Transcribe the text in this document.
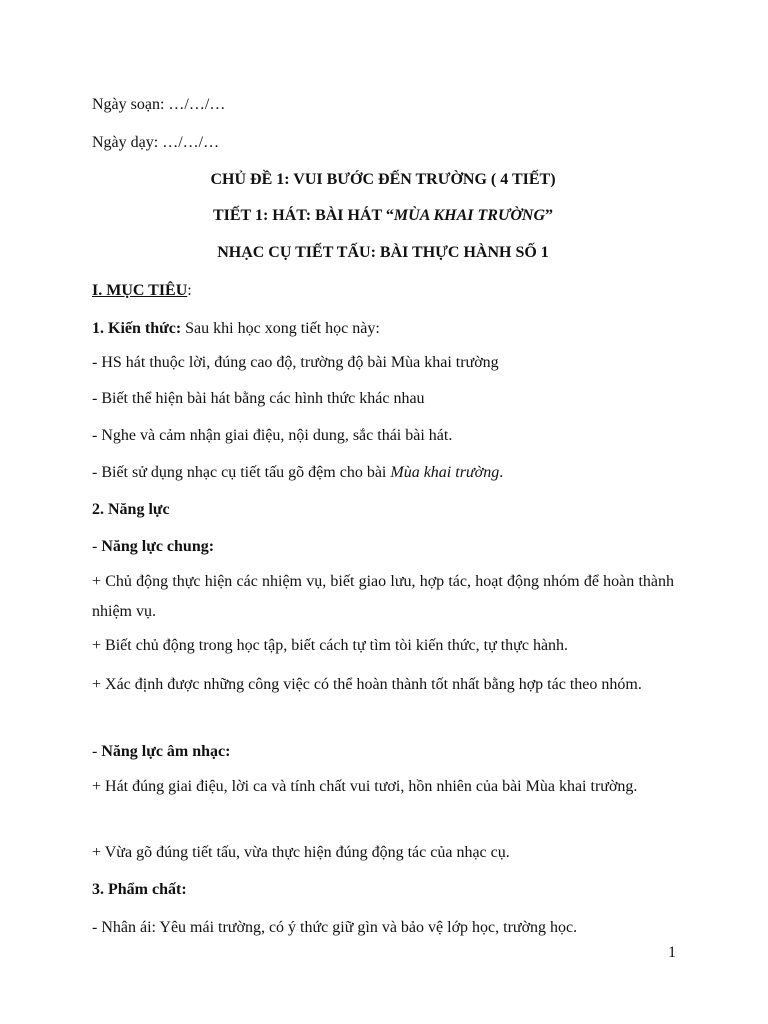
Ngày soạn: …/…/…
Ngày dạy: …/…/…
CHỦ ĐỀ 1: VUI BƯỚC ĐẾN TRƯỜNG ( 4 TIẾT)
TIẾT 1: HÁT: BÀI HÁT “MÙA KHAI TRƯỜNG”
NHẠC CỤ TIẾT TẤU: BÀI THỰC HÀNH SỐ 1
I. MỤC TIÊU:
1. Kiến thức: Sau khi học xong tiết học này:
- HS hát thuộc lời, đúng cao độ, trường độ bài Mùa khai trường
- Biết thể hiện bài hát bằng các hình thức khác nhau
- Nghe và cảm nhận giai điệu, nội dung, sắc thái bài hát.
- Biết sử dụng nhạc cụ tiết tấu gõ đệm cho bài Mùa khai trường.
2. Năng lực
- Năng lực chung:
+ Chủ động thực hiện các nhiệm vụ, biết giao lưu, hợp tác, hoạt động nhóm để hoàn thành nhiệm vụ.
+ Biết chủ động trong học tập, biết cách tự tìm tòi kiến thức, tự thực hành.
+ Xác định được những công việc có thể hoàn thành tốt nhất bằng hợp tác theo nhóm.
- Năng lực âm nhạc:
+ Hát đúng giai điệu, lời ca và tính chất vui tươi, hồn nhiên của bài Mùa khai trường.
+ Vừa gõ đúng tiết tấu, vừa thực hiện đúng động tác của nhạc cụ.
3. Phẩm chất:
- Nhân ái: Yêu mái trường, có ý thức giữ gìn và bảo vệ lớp học, trường học.
1
